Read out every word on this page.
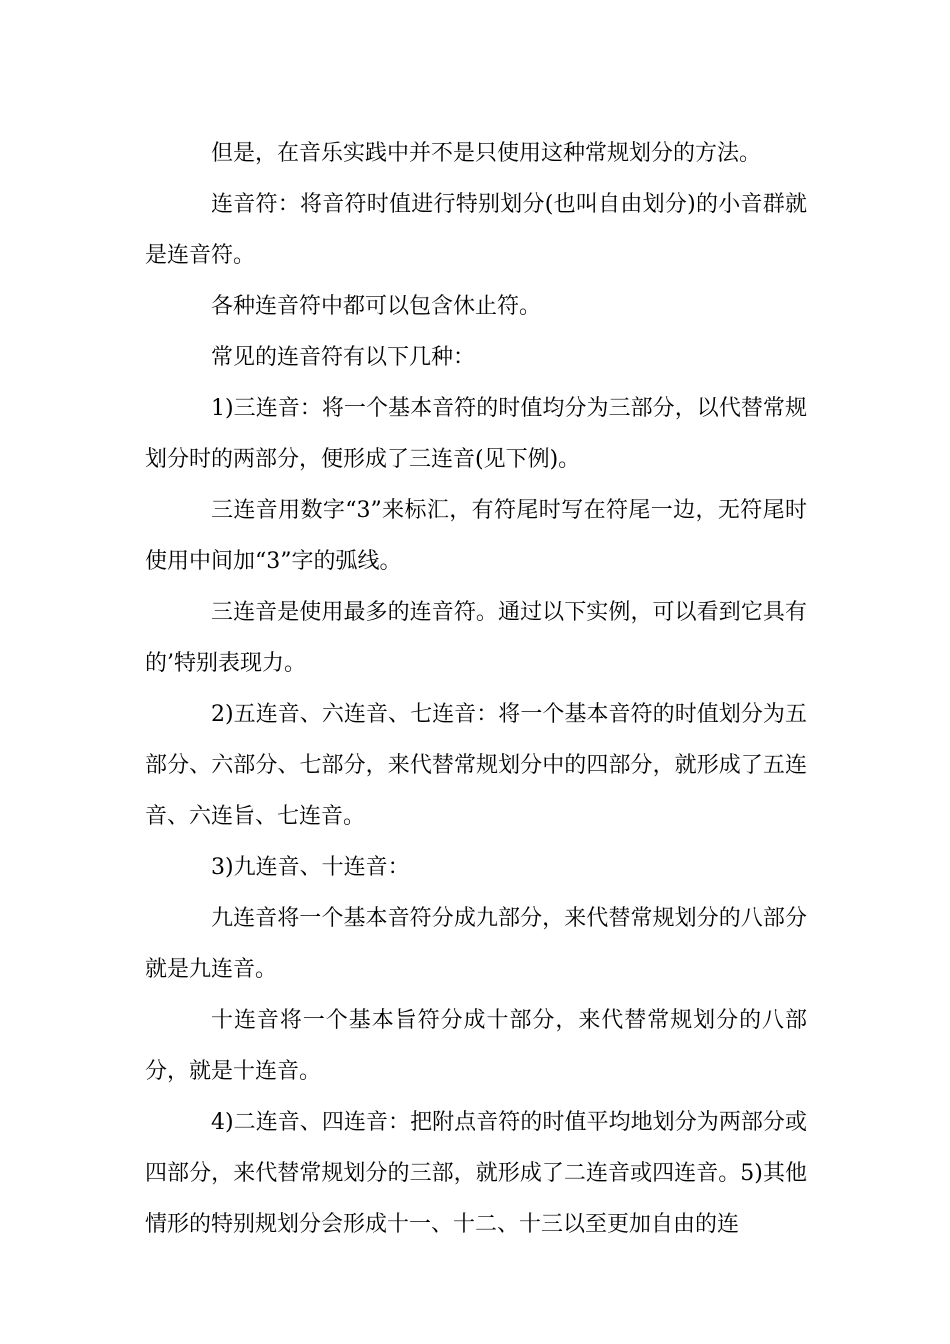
但是，在音乐实践中并不是只使用这种常规划分的方法。

连音符：将音符时值进行特别划分(也叫自由划分)的小音群就是连音符。

各种连音符中都可以包含休止符。

常见的连音符有以下几种：

1)三连音：将一个基本音符的时值均分为三部分，以代替常规划分时的两部分，便形成了三连音(见下例)。

三连音用数字“3”来标汇，有符尾时写在符尾一边，无符尾时使用中间加“3”字的弧线。

三连音是使用最多的连音符。通过以下实例，可以看到它具有的’特别表现力。

2)五连音、六连音、七连音：将一个基本音符的时值划分为五部分、六部分、七部分，来代替常规划分中的四部分，就形成了五连音、六连旨、七连音。

3)九连音、十连音：

九连音将一个基本音符分成九部分，来代替常规划分的八部分就是九连音。

十连音将一个基本旨符分成十部分，来代替常规划分的八部分，就是十连音。

4)二连音、四连音：把附点音符的时值平均地划分为两部分或四部分，来代替常规划分的三部，就形成了二连音或四连音。5)其他情形的特别规划分会形成十一、十二、十三以至更加自由的连
